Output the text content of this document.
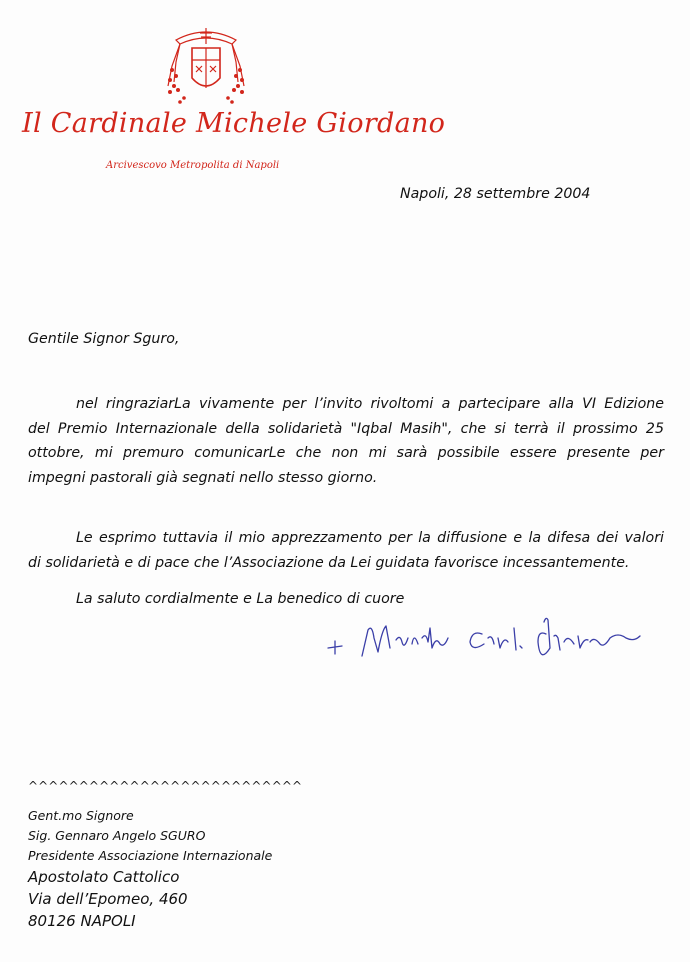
Il Cardinale Michele Giordano
Arcivescovo Metropolita di Napoli
Napoli, 28 settembre 2004
Gentile Signor Sguro,
nel ringraziarLa vivamente per l’invito rivoltomi a partecipare alla VI Edizione
del Premio Internazionale della solidarietà "Iqbal Masih", che si terrà il prossimo 25
ottobre, mi premuro comunicarLe che non mi sarà possibile essere presente per
impegni pastorali già segnati nello stesso giorno.
Le esprimo tuttavia il mio apprezzamento per la diffusione e la difesa dei valori
di solidarietà e di pace che l’Associazione da Lei guidata favorisce incessantemente.
La saluto cordialmente e La benedico di cuore
^^^^^^^^^^^^^^^^^^^^^^^^^^^
Gent.mo Signore
Sig. Gennaro Angelo SGURO
Presidente Associazione Internazionale
Apostolato Cattolico
Via dell’Epomeo, 460
80126 NAPOLI
